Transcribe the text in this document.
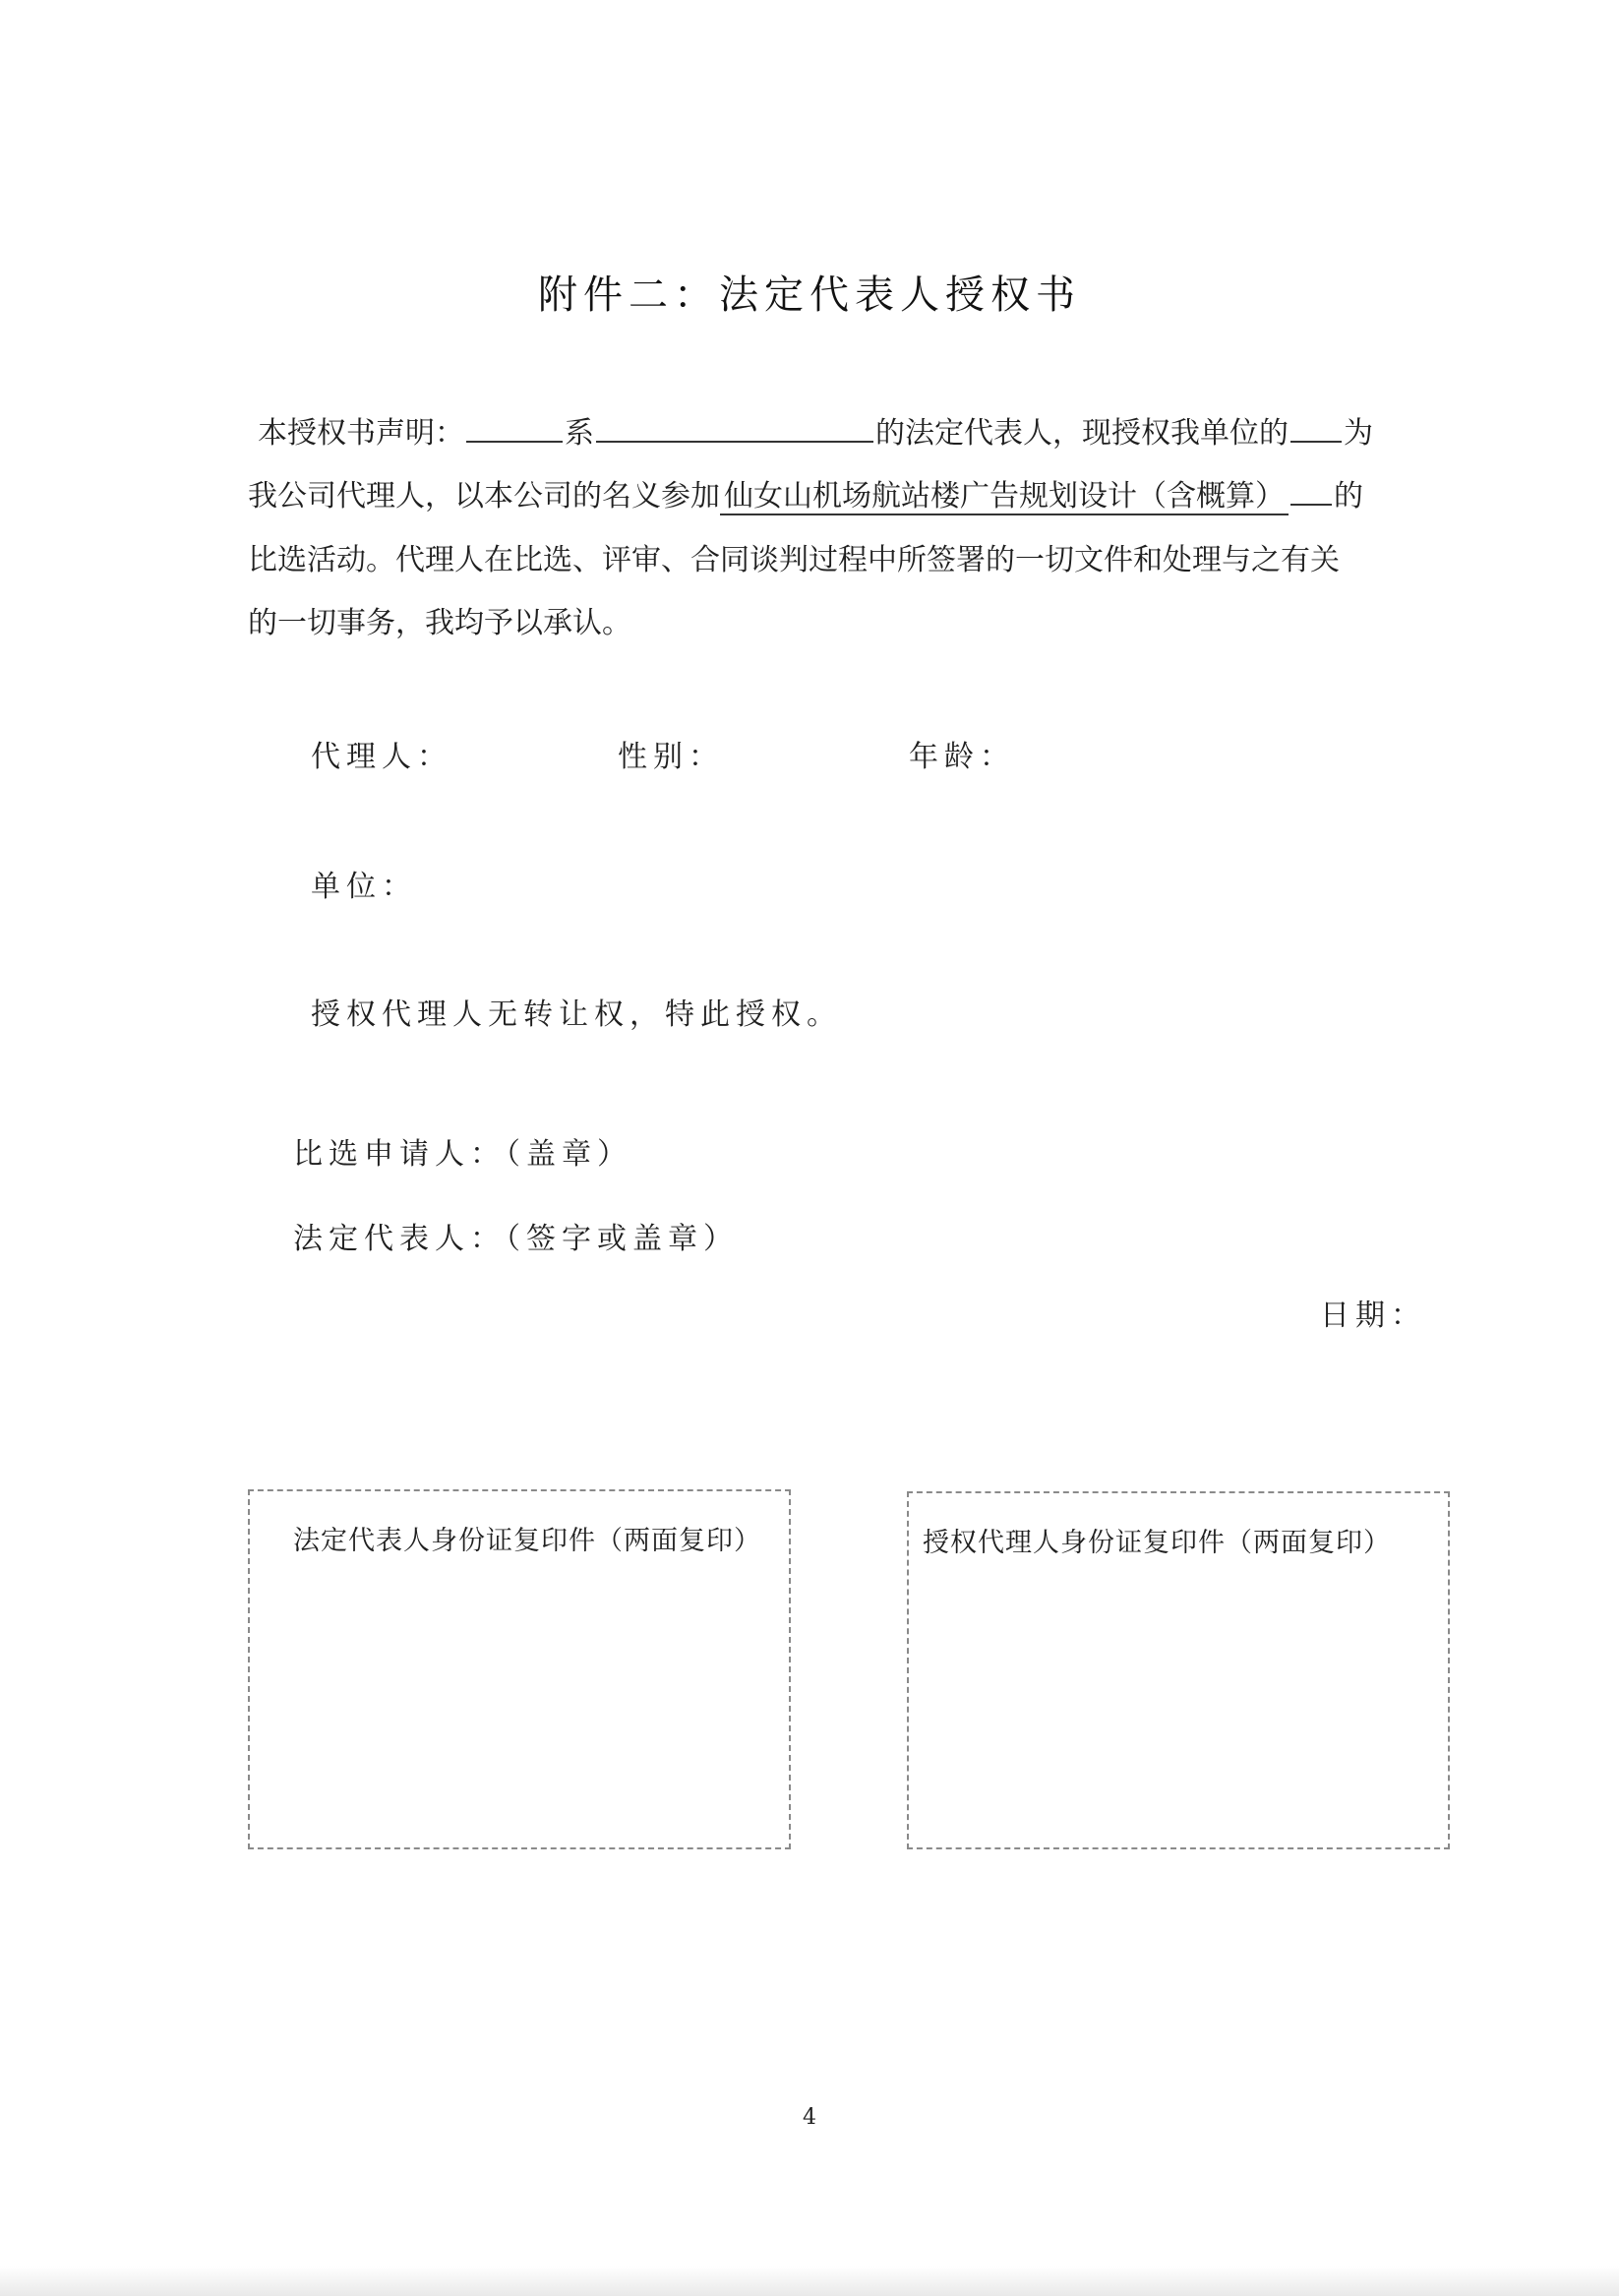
附件二：法定代表人授权书
本授权书声明：	系	的法定代表人，现授权我单位的 为
我公司代理人，以本公司的名义参加 仙女山机场航站楼广告规划设计（含概算） 的
比选活动。代理人在比选、评审、合同谈判过程中所签署的一切文件和处理与之有关
的一切事务，我均予以承认。
代理人：	性别：	年龄：
单位：
授权代理人无转让权，特此授权。
比选申请人：（盖章）
法定代表人：（签字或盖章）
日期：
法定代表人身份证复印件（两面复印）	授权代理人身份证复印件（两面复印）
4
